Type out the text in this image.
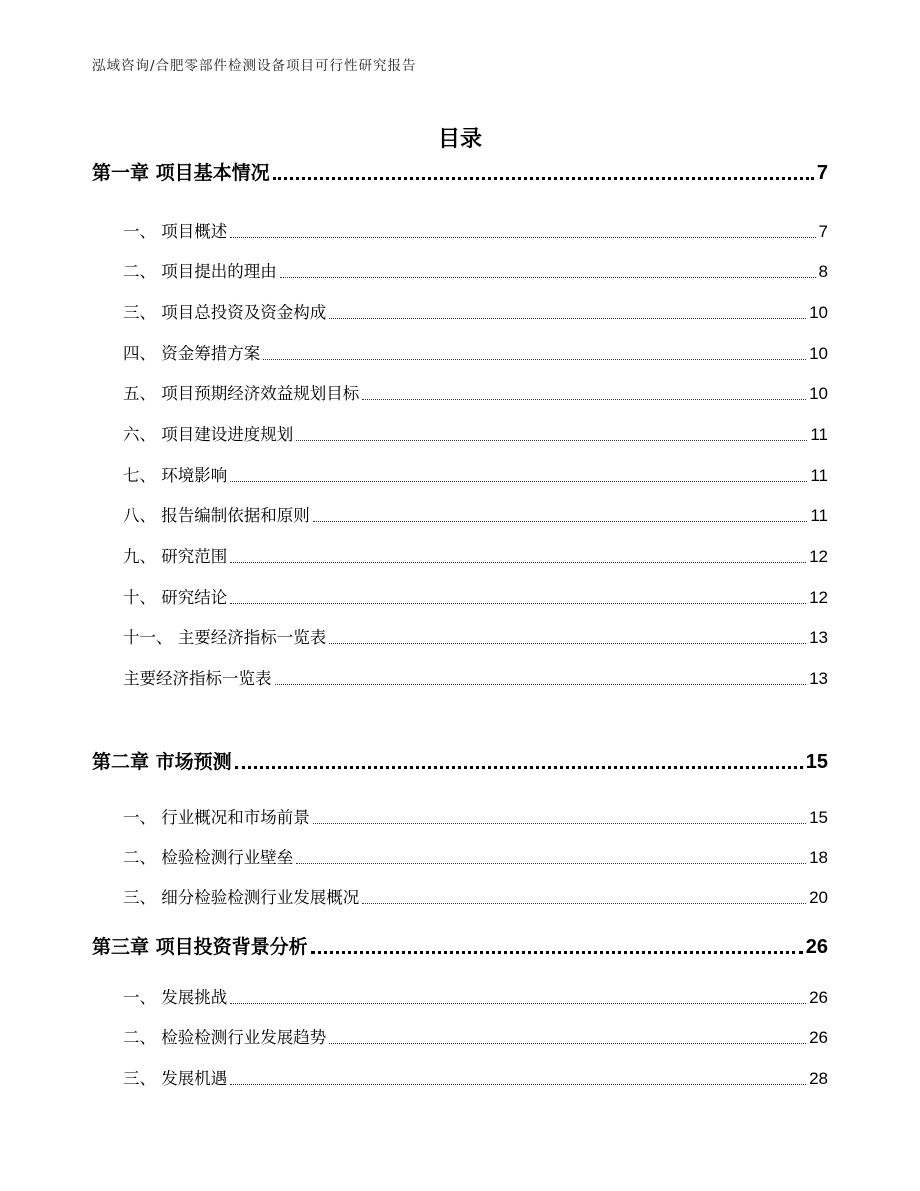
泓域咨询/合肥零部件检测设备项目可行性研究报告
目录
第一章 项目基本情况	7
一、 项目概述	7
二、 项目提出的理由	8
三、 项目总投资及资金构成	10
四、 资金筹措方案	10
五、 项目预期经济效益规划目标	10
六、 项目建设进度规划	11
七、 环境影响	11
八、 报告编制依据和原则	11
九、 研究范围	12
十、 研究结论	12
十一、 主要经济指标一览表	13
主要经济指标一览表	13
第二章 市场预测	15
一、 行业概况和市场前景	15
二、 检验检测行业壁垒	18
三、 细分检验检测行业发展概况	20
第三章 项目投资背景分析	26
一、 发展挑战	26
二、 检验检测行业发展趋势	26
三、 发展机遇	28
